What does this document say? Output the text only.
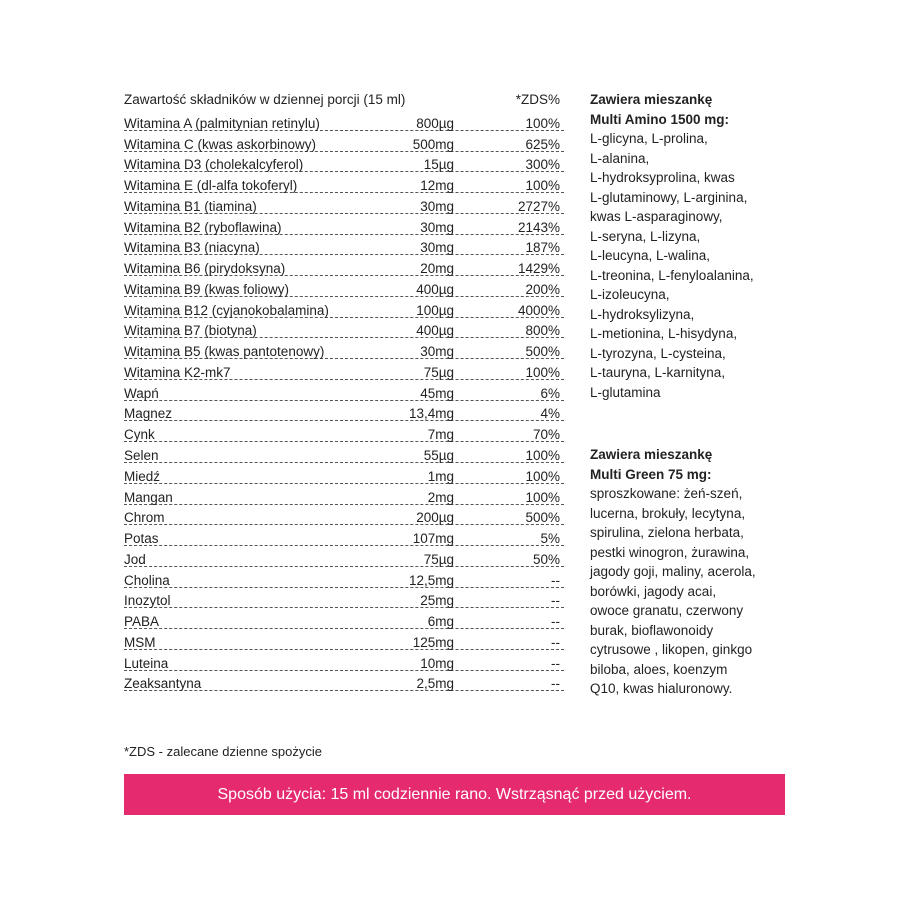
Zawartość składników w dziennej porcji (15 ml)	*ZDS%
Witamina A (palmitynian retinylu)	800µg	100%
Witamina C (kwas askorbinowy)	500mg	625%
Witamina D3 (cholekalcyferol)	15µg	300%
Witamina E (dl-alfa tokoferyl)	12mg	100%
Witamina B1 (tiamina)	30mg	2727%
Witamina B2 (ryboflawina)	30mg	2143%
Witamina B3 (niacyna)	30mg	187%
Witamina B6 (pirydoksyna)	20mg	1429%
Witamina B9 (kwas foliowy)	400µg	200%
Witamina B12 (cyjanokobalamina)	100µg	4000%
Witamina B7 (biotyna)	400µg	800%
Witamina B5 (kwas pantotenowy)	30mg	500%
Witamina K2-mk7	75µg	100%
Wapń	45mg	6%
Magnez	13,4mg	4%
Cynk	7mg	70%
Selen	55µg	100%
Miedź	1mg	100%
Mangan	2mg	100%
Chrom	200µg	500%
Potas	107mg	5%
Jod	75µg	50%
Cholina	12,5mg	--
Inozytol	25mg	--
PABA	6mg	--
MSM	125mg	--
Luteina	10mg	--
Zeaksantyna	2,5mg	--
*ZDS - zalecane dzienne spożycie
Zawiera mieszankę
Multi Amino 1500 mg:
L-glicyna, L-prolina,
L-alanina,
L-hydroksyprolina, kwas
L-glutaminowy, L-arginina,
kwas L-asparaginowy,
L-seryna, L-lizyna,
L-leucyna, L-walina,
L-treonina, L-fenyloalanina,
L-izoleucyna,
L-hydroksylizyna,
L-metionina, L-hisydyna,
L-tyrozyna, L-cysteina,
L-tauryna, L-karnityna,
L-glutamina
Zawiera mieszankę
Multi Green 75 mg:
sproszkowane: żeń-szeń,
lucerna, brokuły, lecytyna,
spirulina, zielona herbata,
pestki winogron, żurawina,
jagody goji, maliny, acerola,
borówki, jagody acai,
owoce granatu, czerwony
burak, bioflawonoidy
cytrusowe , likopen, ginkgo
biloba, aloes, koenzym
Q10, kwas hialuronowy.
Sposób użycia: 15 ml codziennie rano. Wstrząsnąć przed użyciem.
